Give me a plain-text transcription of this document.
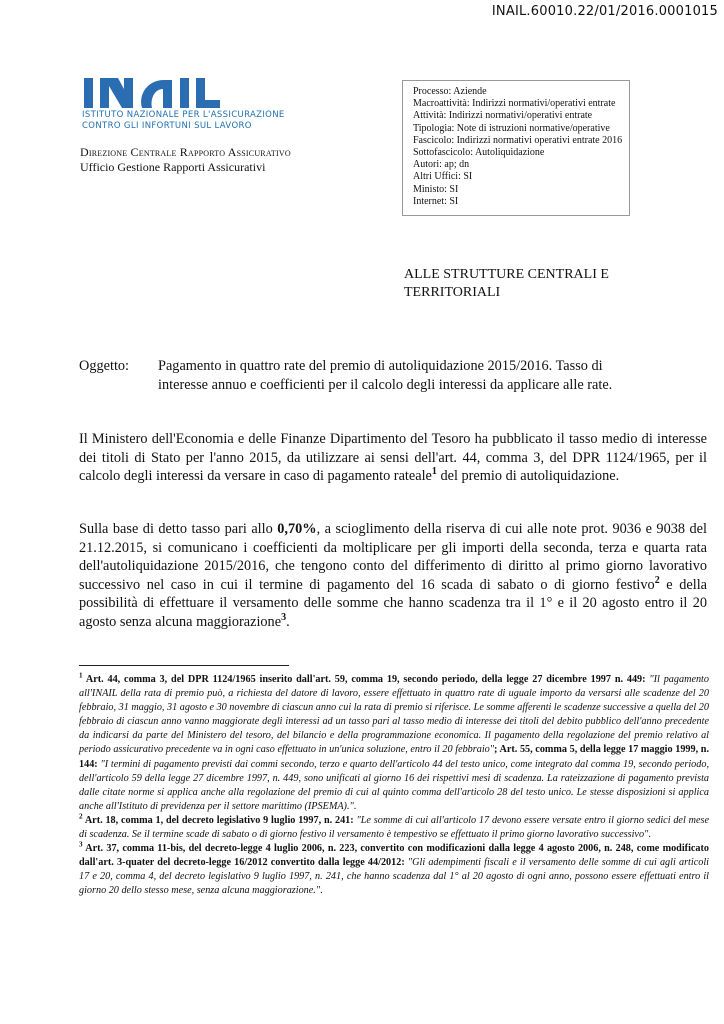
INAIL.60010.22/01/2016.0001015
ISTITUTO NAZIONALE PER L'ASSICURAZIONE
CONTRO GLI INFORTUNI SUL LAVORO
Direzione Centrale Rapporto Assicurativo
Ufficio Gestione Rapporti Assicurativi
Processo: Aziende
Macroattività: Indirizzi normativi/operativi entrate
Attività: Indirizzi normativi/operativi entrate
Tipologia: Note di istruzioni normative/operative
Fascicolo: Indirizzi normativi operativi entrate 2016
Sottofascicolo: Autoliquidazione
Autori: ap; dn
Altri Uffici: SI
Ministo: SI
Internet: SI
ALLE STRUTTURE CENTRALI E
TERRITORIALI
Oggetto: Pagamento in quattro rate del premio di autoliquidazione 2015/2016. Tasso di
interesse annuo e coefficienti per il calcolo degli interessi da applicare alle rate.
Il Ministero dell'Economia e delle Finanze Dipartimento del Tesoro ha pubblicato il tasso medio di interesse dei titoli di Stato per l'anno 2015, da utilizzare ai sensi dell'art. 44, comma 3, del DPR 1124/1965, per il calcolo degli interessi da versare in caso di pagamento rateale$^1$ del premio di autoliquidazione.
Sulla base di detto tasso pari allo 0,70%, a scioglimento della riserva di cui alle note prot. 9036 e 9038 del 21.12.2015, si comunicano i coefficienti da moltiplicare per gli importi della seconda, terza e quarta rata dell'autoliquidazione 2015/2016, che tengono conto del differimento di diritto al primo giorno lavorativo successivo nel caso in cui il termine di pagamento del 16 scada di sabato o di giorno festivo$^2$ e della possibilità di effettuare il versamento delle somme che hanno scadenza tra il 1° e il 20 agosto entro il 20 agosto senza alcuna maggiorazione$^3$.
$^1$ Art. 44, comma 3, del DPR 1124/1965 inserito dall'art. 59, comma 19, secondo periodo, della legge 27 dicembre 1997 n. 449: "Il pagamento all'INAIL della rata di premio può, a richiesta del datore di lavoro, essere effettuato in quattro rate di uguale importo da versarsi alle scadenze del 20 febbraio, 31 maggio, 31 agosto e 30 novembre di ciascun anno cui la rata di premio si riferisce. Le somme afferenti le scadenze successive a quella del 20 febbraio di ciascun anno vanno maggiorate degli interessi ad un tasso pari al tasso medio di interesse dei titoli del debito pubblico dell'anno precedente da indicarsi da parte del Ministero del tesoro, del bilancio e della programmazione economica. Il pagamento della regolazione del premio relativo al periodo assicurativo precedente va in ogni caso effettuato in un'unica soluzione, entro il 20 febbraio"; Art. 55, comma 5, della legge 17 maggio 1999, n. 144: "I termini di pagamento previsti dai commi secondo, terzo e quarto dell'articolo 44 del testo unico, come integrato dal comma 19, secondo periodo, dell'articolo 59 della legge 27 dicembre 1997, n. 449, sono unificati al giorno 16 dei rispettivi mesi di scadenza. La rateizzazione di pagamento prevista dalle citate norme si applica anche alla regolazione del premio di cui al quinto comma dell'articolo 28 del testo unico. Le stesse disposizioni si applica anche all'Istituto di previdenza per il settore marittimo (IPSEMA).".
$^2$ Art. 18, comma 1, del decreto legislativo 9 luglio 1997, n. 241: "Le somme di cui all'articolo 17 devono essere versate entro il giorno sedici del mese di scadenza. Se il termine scade di sabato o di giorno festivo il versamento è tempestivo se effettuato il primo giorno lavorativo successivo".
$^3$ Art. 37, comma 11-bis, del decreto-legge 4 luglio 2006, n. 223, convertito con modificazioni dalla legge 4 agosto 2006, n. 248, come modificato dall'art. 3-quater del decreto-legge 16/2012 convertito dalla legge 44/2012: "Gli adempimenti fiscali e il versamento delle somme di cui agli articoli 17 e 20, comma 4, del decreto legislativo 9 luglio 1997, n. 241, che hanno scadenza dal 1° al 20 agosto di ogni anno, possono essere effettuati entro il giorno 20 dello stesso mese, senza alcuna maggiorazione.".
